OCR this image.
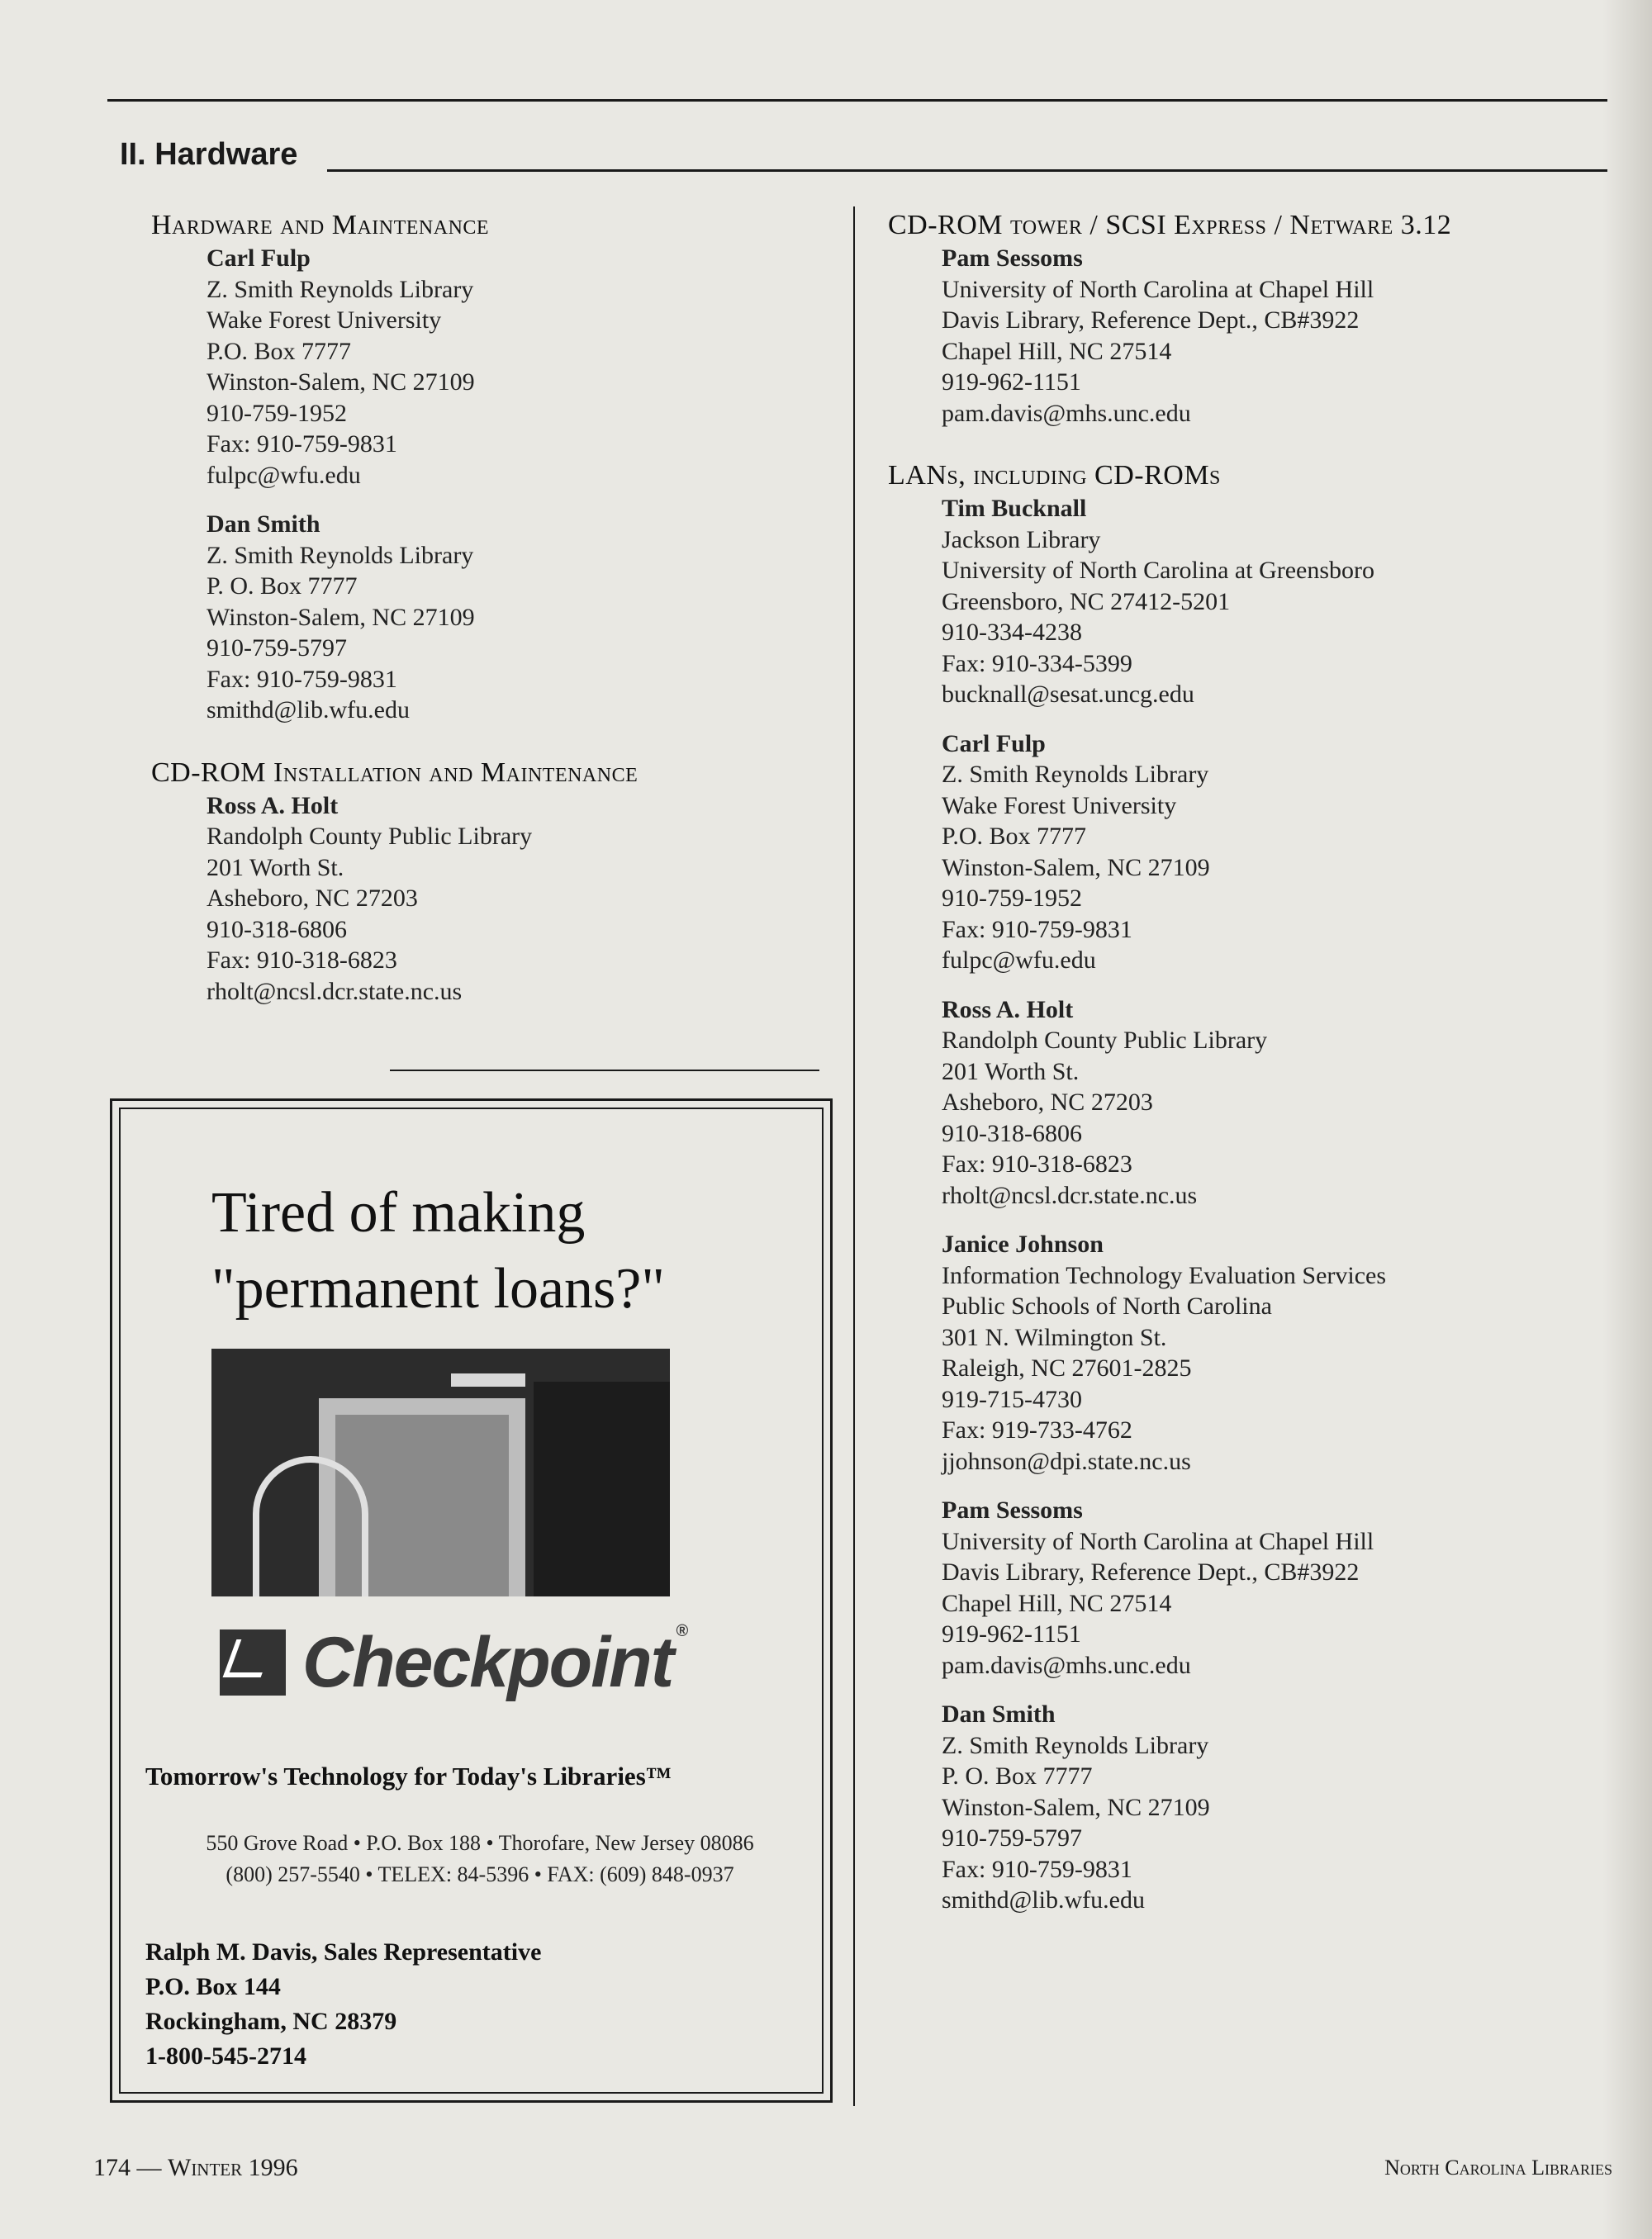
II. Hardware
Hardware and Maintenance
Carl Fulp
Z. Smith Reynolds Library
Wake Forest University
P.O. Box 7777
Winston-Salem, NC 27109
910-759-1952
Fax: 910-759-9831
fulpc@wfu.edu
Dan Smith
Z. Smith Reynolds Library
P. O. Box 7777
Winston-Salem, NC 27109
910-759-5797
Fax: 910-759-9831
smithd@lib.wfu.edu
CD-ROM Installation and Maintenance
Ross A. Holt
Randolph County Public Library
201 Worth St.
Asheboro, NC 27203
910-318-6806
Fax: 910-318-6823
rholt@ncsl.dcr.state.nc.us
CD-ROM tower / SCSI Express / Netware 3.12
Pam Sessoms
University of North Carolina at Chapel Hill
Davis Library, Reference Dept., CB#3922
Chapel Hill, NC 27514
919-962-1151
pam.davis@mhs.unc.edu
LANs, including CD-ROMs
Tim Bucknall
Jackson Library
University of North Carolina at Greensboro
Greensboro, NC 27412-5201
910-334-4238
Fax: 910-334-5399
bucknall@sesat.uncg.edu
Carl Fulp
Z. Smith Reynolds Library
Wake Forest University
P.O. Box 7777
Winston-Salem, NC 27109
910-759-1952
Fax: 910-759-9831
fulpc@wfu.edu
Ross A. Holt
Randolph County Public Library
201 Worth St.
Asheboro, NC 27203
910-318-6806
Fax: 910-318-6823
rholt@ncsl.dcr.state.nc.us
Janice Johnson
Information Technology Evaluation Services
Public Schools of North Carolina
301 N. Wilmington St.
Raleigh, NC 27601-2825
919-715-4730
Fax: 919-733-4762
jjohnson@dpi.state.nc.us
Pam Sessoms
University of North Carolina at Chapel Hill
Davis Library, Reference Dept., CB#3922
Chapel Hill, NC 27514
919-962-1151
pam.davis@mhs.unc.edu
Dan Smith
Z. Smith Reynolds Library
P. O. Box 7777
Winston-Salem, NC 27109
910-759-5797
Fax: 910-759-9831
smithd@lib.wfu.edu
Tired of making
"permanent loans?"
Checkpoint ®
Tomorrow's Technology for Today's Libraries™
550 Grove Road • P.O. Box 188 • Thorofare, New Jersey 08086
(800) 257-5540 • TELEX: 84-5396 • FAX: (609) 848-0937
Ralph M. Davis, Sales Representative
P.O. Box 144
Rockingham, NC 28379
1-800-545-2714
174 — Winter 1996	North Carolina Libraries
